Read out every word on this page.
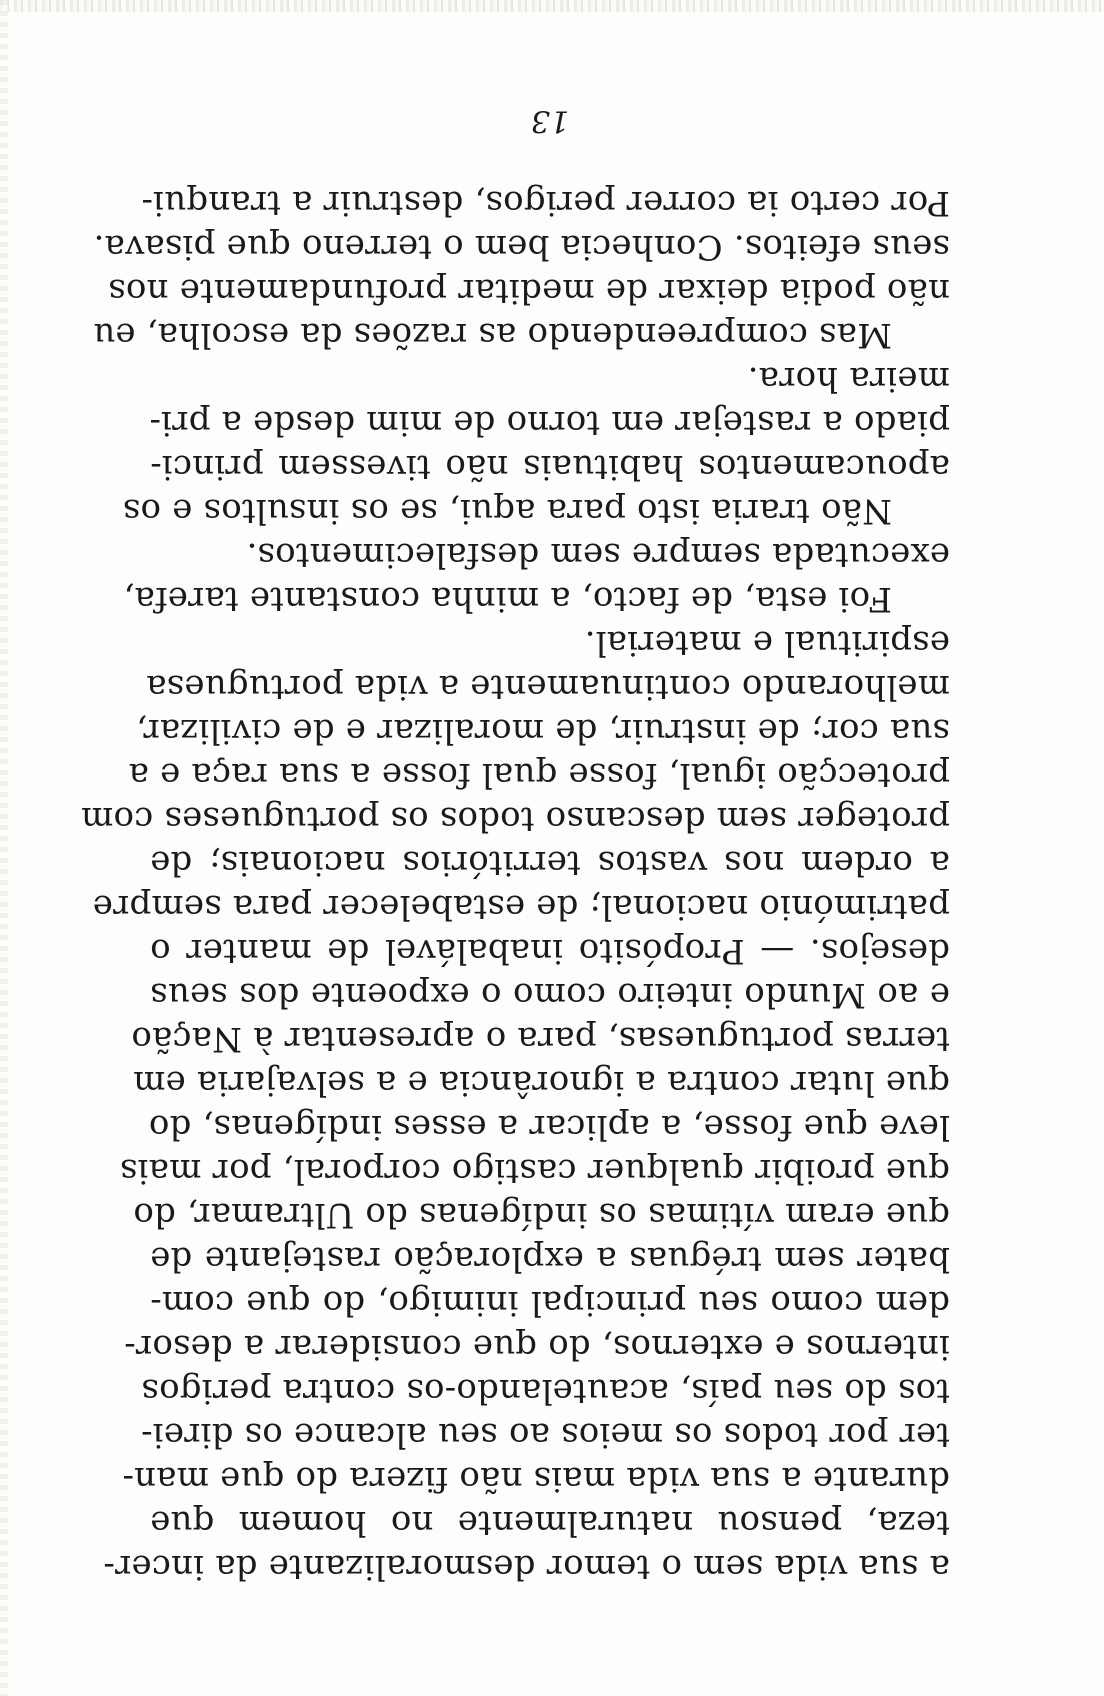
a sua vida sem o temor desmoralizante da incer-
teza, pensou naturalmente no homem que
durante a sua vida mais não fizera do que man-
ter por todos os meios ao seu alcance os direi-
tos do seu país, acautelando-os contra perigos
internos e externos, do que considerar a desor-
dem como seu principal inimigo, do que com-
bater sem tréguas a exploração rastejante de
que eram vítimas os indígenas do Ultramar, do
que proibir qualquer castigo corporal, por mais
leve que fosse, a aplicar a esses indígenas, do
que lutar contra a ignorância e a selvajaria em
terras portuguesas, para o apresentar à Nação
e ao Mundo inteiro como o expoente dos seus
desejos. — Propósito inabalável de manter o
património nacional; de estabelecer para sempre
a ordem nos vastos territórios nacionais; de
proteger sem descanso todos os portugueses com
protecção igual, fosse qual fosse a sua raça e a
sua cor; de instruir, de moralizar e de civilizar,
melhorando continuamente a vida portuguesa
espiritual e material.
Foi esta, de facto, a minha constante tarefa,
executada sempre sem desfalecimentos.
Não traria isto para aqui, se os insultos e os
apoucamentos habituais não tivessem princi-
piado a rastejar em torno de mim desde a pri-
meira hora.
Mas compreendendo as razões da escolha, eu
não podia deixar de meditar profundamente nos
seus efeitos. Conhecia bem o terreno que pisava.
Por certo ia correr perigos, destruir a tranqui-
13
